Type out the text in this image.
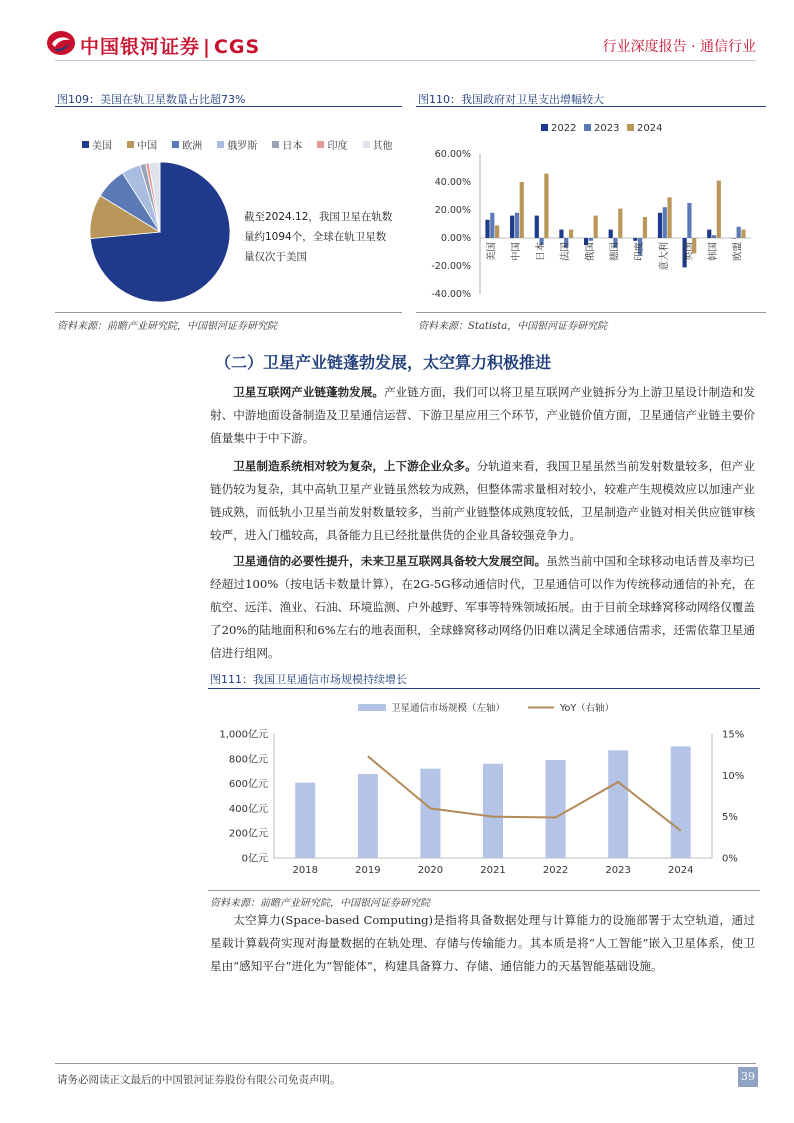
中国银河证券 | CGS	行业深度报告 · 通信行业
图109：美国在轨卫星数量占比超73%
美国
	中国
	欧洲
	俄罗斯
	日本
	印度
	其他
截至2024.12，我国卫星在轨数量约1094个，全球在轨卫星数量仅次于美国
资料来源：前瞻产业研究院，中国银河证券研究院
图110：我国政府对卫星支出增幅较大
2022 2023 2024
60.00%
40.00%
20.00%
0.00%
-20.00%
-40.00%
美国 中国 日本 法国 俄国 德国 印度 意大利 英国 韩国 欧盟
资料来源：Statista，中国银河证券研究院
（二）卫星产业链蓬勃发展，太空算力积极推进

卫星互联网产业链蓬勃发展。产业链方面，我们可以将卫星互联网产业链拆分为上游卫星设计制造和发射、中游地面设备制造及卫星通信运营、下游卫星应用三个环节，产业链价值方面，卫星通信产业链主要价值量集中于中下游。

卫星制造系统相对较为复杂，上下游企业众多。分轨道来看，我国卫星虽然当前发射数量较多，但产业链仍较为复杂，其中高轨卫星产业链虽然较为成熟，但整体需求量相对较小，较难产生规模效应以加速产业链成熟，而低轨小卫星当前发射数量较多，当前产业链整体成熟度较低，卫星制造产业链对相关供应链审核较严，进入门槛较高，具备能力且已经批量供货的企业具备较强竞争力。

卫星通信的必要性提升，未来卫星互联网具备较大发展空间。虽然当前中国和全球移动电话普及率均已经超过100%（按电话卡数量计算），在2G-5G移动通信时代，卫星通信可以作为传统移动通信的补充，在航空、远洋、渔业、石油、环境监测、户外越野、军事等特殊领域拓展。由于目前全球蜂窝移动网络仅覆盖了20%的陆地面积和6%左右的地表面积，全球蜂窝移动网络仍旧难以满足全球通信需求，还需依靠卫星通信进行组网。

图111：我国卫星通信市场规模持续增长
卫星通信市场规模（左轴）	YoY（右轴）
1,000亿元
800亿元
600亿元
400亿元
200亿元
0亿元
15%
10%
5%
0%
2018	2019	2020	2021	2022	2023	2024
资料来源：前瞻产业研究院，中国银河证券研究院

太空算力(Space-based Computing)是指将具备数据处理与计算能力的设施部署于太空轨道，通过星载计算载荷实现对海量数据的在轨处理、存储与传输能力。其本质是将“人工智能”嵌入卫星体系，使卫星由“感知平台”进化为“智能体”，构建具备算力、存储、通信能力的天基智能基础设施。

请务必阅读正文最后的中国银河证券股份有限公司免责声明。	39
